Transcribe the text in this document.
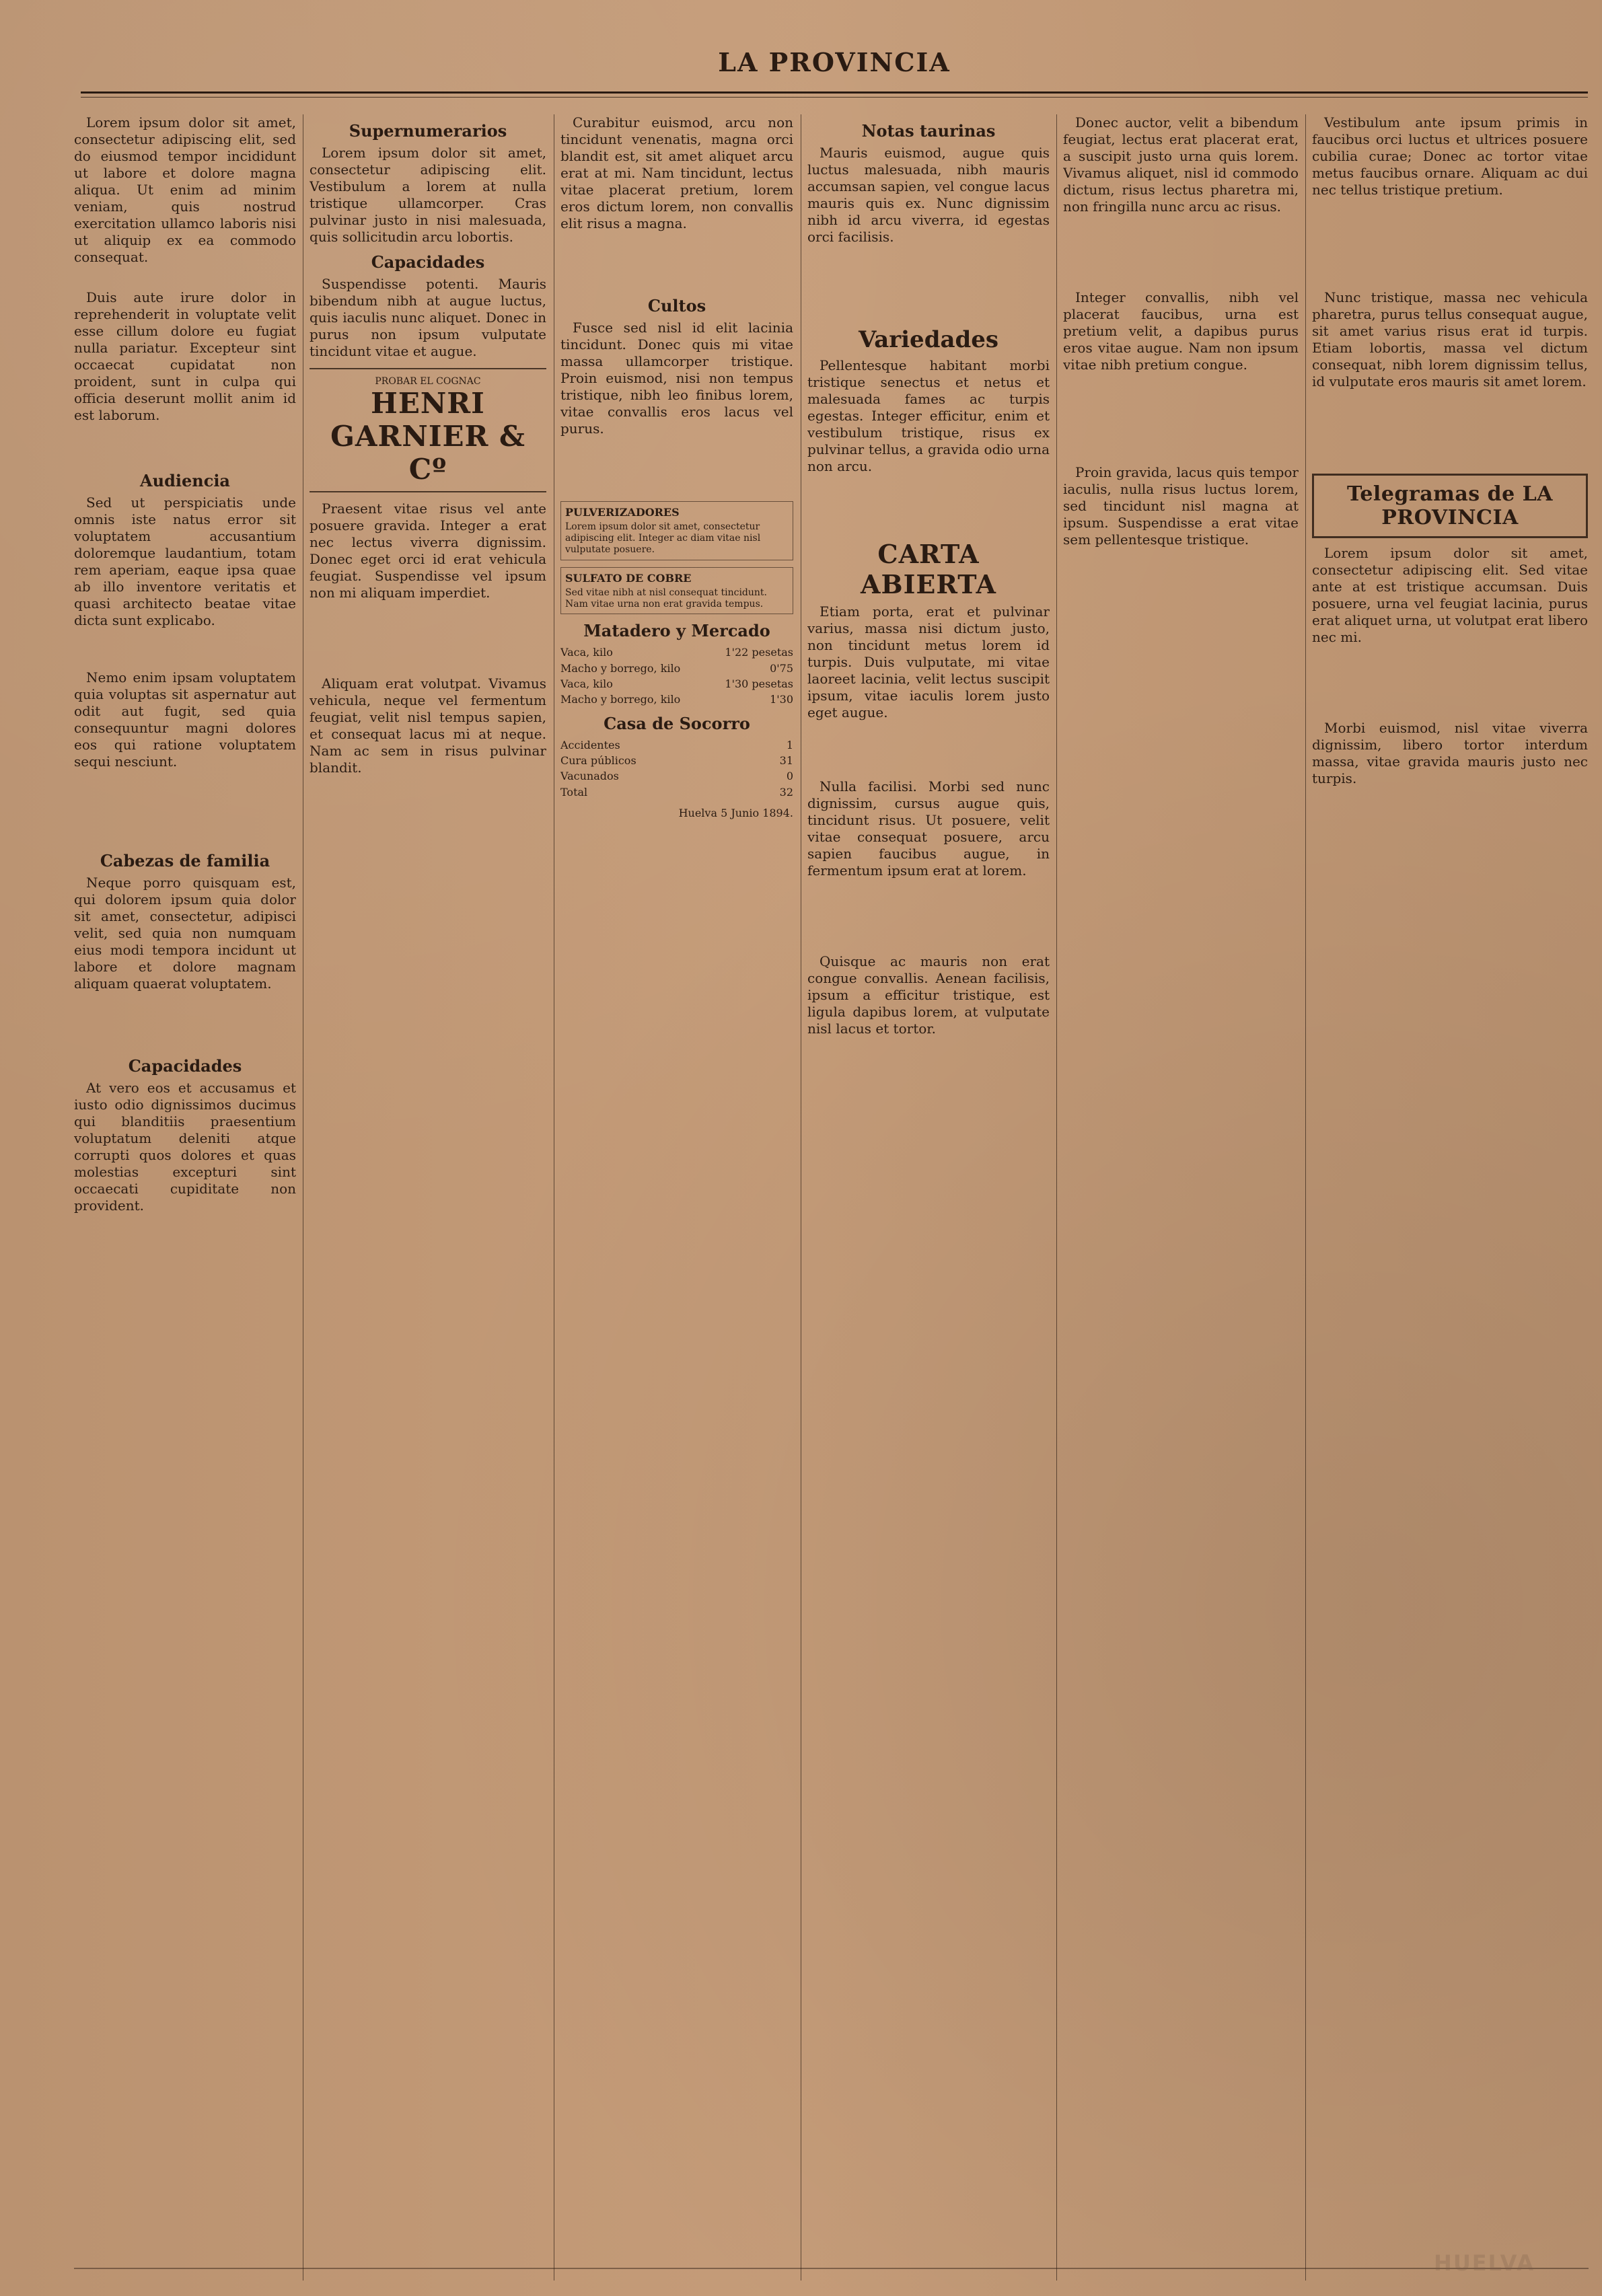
LA PROVINCIA

Lorem ipsum dolor sit amet, consectetur adipiscing elit, sed do eiusmod tempor incididunt ut labore et dolore magna aliqua. Ut enim ad minim veniam, quis nostrud exercitation ullamco laboris nisi ut aliquip ex ea commodo consequat.

Duis aute irure dolor in reprehenderit in voluptate velit esse cillum dolore eu fugiat nulla pariatur. Excepteur sint occaecat cupidatat non proident, sunt in culpa qui officia deserunt mollit anim id est laborum.

Audiencia

Sed ut perspiciatis unde omnis iste natus error sit voluptatem accusantium doloremque laudantium, totam rem aperiam, eaque ipsa quae ab illo inventore veritatis et quasi architecto beatae vitae dicta sunt explicabo.

Nemo enim ipsam voluptatem quia voluptas sit aspernatur aut odit aut fugit, sed quia consequuntur magni dolores eos qui ratione voluptatem sequi nesciunt.

Cabezas de familia

Neque porro quisquam est, qui dolorem ipsum quia dolor sit amet, consectetur, adipisci velit, sed quia non numquam eius modi tempora incidunt ut labore et dolore magnam aliquam quaerat voluptatem.

Capacidades

At vero eos et accusamus et iusto odio dignissimos ducimus qui blanditiis praesentium voluptatum deleniti atque corrupti quos dolores et quas molestias excepturi sint occaecati cupiditate non provident.

Supernumerarios

Lorem ipsum dolor sit amet, consectetur adipiscing elit. Vestibulum a lorem at nulla tristique ullamcorper. Cras pulvinar justo in nisi malesuada, quis sollicitudin arcu lobortis.

Capacidades

Suspendisse potenti. Mauris bibendum nibh at augue luctus, quis iaculis nunc aliquet. Donec in purus non ipsum vulputate tincidunt vitae et augue.

PROBAR EL COGNAC
HENRI GARNIER & Cº

Praesent vitae risus vel ante posuere gravida. Integer a erat nec lectus viverra dignissim. Donec eget orci id erat vehicula feugiat. Suspendisse vel ipsum non mi aliquam imperdiet.

Aliquam erat volutpat. Vivamus vehicula, neque vel fermentum feugiat, velit nisl tempus sapien, et consequat lacus mi at neque. Nam ac sem in risus pulvinar blandit.

Curabitur euismod, arcu non tincidunt venenatis, magna orci blandit est, sit amet aliquet arcu erat at mi. Nam tincidunt, lectus vitae placerat pretium, lorem eros dictum lorem, non convallis elit risus a magna.

Cultos

Fusce sed nisl id elit lacinia tincidunt. Donec quis mi vitae massa ullamcorper tristique. Proin euismod, nisi non tempus tristique, nibh leo finibus lorem, vitae convallis eros lacus vel purus.

PULVERIZADORES
Lorem ipsum dolor sit amet, consectetur adipiscing elit. Integer ac diam vitae nisl vulputate posuere.
SULFATO DE COBRE
Sed vitae nibh at nisl consequat tincidunt. Nam vitae urna non erat gravida tempus.
Matadero y Mercado
Vaca, kilo	1'22 pesetas
Macho y borrego, kilo	0'75
Vaca, kilo	1'30 pesetas
Macho y borrego, kilo	1'30
Casa de Socorro
Accidentes	1
Cura públicos	31
Vacunados	0
Total	32
Huelva 5 Junio 1894.
Notas taurinas

Mauris euismod, augue quis luctus malesuada, nibh mauris accumsan sapien, vel congue lacus mauris quis ex. Nunc dignissim nibh id arcu viverra, id egestas orci facilisis.

Variedades

Pellentesque habitant morbi tristique senectus et netus et malesuada fames ac turpis egestas. Integer efficitur, enim et vestibulum tristique, risus ex pulvinar tellus, a gravida odio urna non arcu.

CARTA ABIERTA

Etiam porta, erat et pulvinar varius, massa nisi dictum justo, non tincidunt metus lorem id turpis. Duis vulputate, mi vitae laoreet lacinia, velit lectus suscipit ipsum, vitae iaculis lorem justo eget augue.

Nulla facilisi. Morbi sed nunc dignissim, cursus augue quis, tincidunt risus. Ut posuere, velit vitae consequat posuere, arcu sapien faucibus augue, in fermentum ipsum erat at lorem.

Quisque ac mauris non erat congue convallis. Aenean facilisis, ipsum a efficitur tristique, est ligula dapibus lorem, at vulputate nisl lacus et tortor.

Donec auctor, velit a bibendum feugiat, lectus erat placerat erat, a suscipit justo urna quis lorem. Vivamus aliquet, nisl id commodo dictum, risus lectus pharetra mi, non fringilla nunc arcu ac risus.

Integer convallis, nibh vel placerat faucibus, urna est pretium velit, a dapibus purus eros vitae augue. Nam non ipsum vitae nibh pretium congue.

Proin gravida, lacus quis tempor iaculis, nulla risus luctus lorem, sed tincidunt nisl magna at ipsum. Suspendisse a erat vitae sem pellentesque tristique.

Vestibulum ante ipsum primis in faucibus orci luctus et ultrices posuere cubilia curae; Donec ac tortor vitae metus faucibus ornare. Aliquam ac dui nec tellus tristique pretium.

Nunc tristique, massa nec vehicula pharetra, purus tellus consequat augue, sit amet varius risus erat id turpis. Etiam lobortis, massa vel dictum consequat, nibh lorem dignissim tellus, id vulputate eros mauris sit amet lorem.

Telegramas de LA PROVINCIA

Lorem ipsum dolor sit amet, consectetur adipiscing elit. Sed vitae ante at est tristique accumsan. Duis posuere, urna vel feugiat lacinia, purus erat aliquet urna, ut volutpat erat libero nec mi.

Morbi euismod, nisl vitae viverra dignissim, libero tortor interdum massa, vitae gravida mauris justo nec turpis.

HUELVA
